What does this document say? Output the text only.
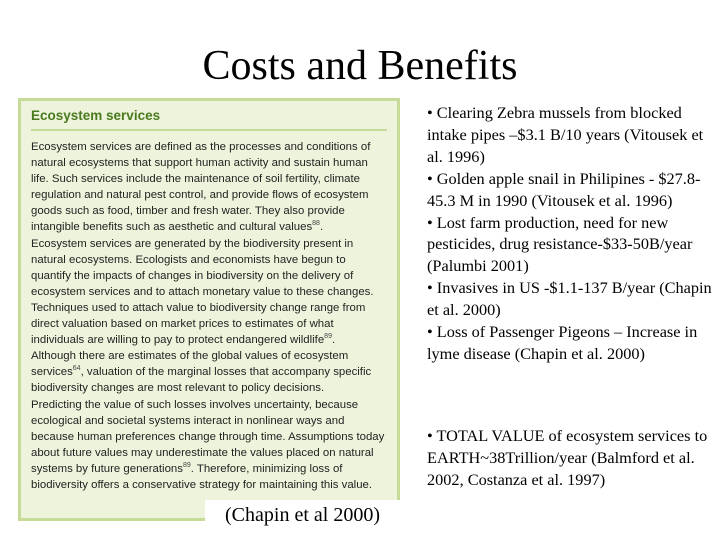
Costs and Benefits
Ecosystem services

Ecosystem services are defined as the processes and conditions of natural ecosystems that support human activity and sustain human life. Such services include the maintenance of soil fertility, climate regulation and natural pest control, and provide flows of ecosystem goods such as food, timber and fresh water. They also provide intangible benefits such as aesthetic and cultural values$^{88}$.

Ecosystem services are generated by the biodiversity present in natural ecosystems. Ecologists and economists have begun to quantify the impacts of changes in biodiversity on the delivery of ecosystem services and to attach monetary value to these changes. Techniques used to attach value to biodiversity change range from direct valuation based on market prices to estimates of what individuals are willing to pay to protect endangered wildlife$^{89}$.

Although there are estimates of the global values of ecosystem services$^{64}$, valuation of the marginal losses that accompany specific biodiversity changes are most relevant to policy decisions.

Predicting the value of such losses involves uncertainty, because ecological and societal systems interact in nonlinear ways and because human preferences change through time. Assumptions today about future values may underestimate the values placed on natural systems by future generations$^{89}$. Therefore, minimizing loss of biodiversity offers a conservative strategy for maintaining this value.

(Chapin et al 2000)
• Clearing Zebra mussels from blocked intake pipes –$3.1 B/10 years (Vitousek et al. 1996)
• Golden apple snail in Philipines - $27.8-45.3 M in 1990 (Vitousek et al. 1996)
• Lost farm production, need for new pesticides, drug resistance-$33-50B/year (Palumbi 2001)
• Invasives in US -$1.1-137 B/year (Chapin et al. 2000)
• Loss of Passenger Pigeons – Increase in lyme disease (Chapin et al. 2000)
• TOTAL VALUE of ecosystem services to EARTH~38Trillion/year (Balmford et al. 2002, Costanza et al. 1997)
